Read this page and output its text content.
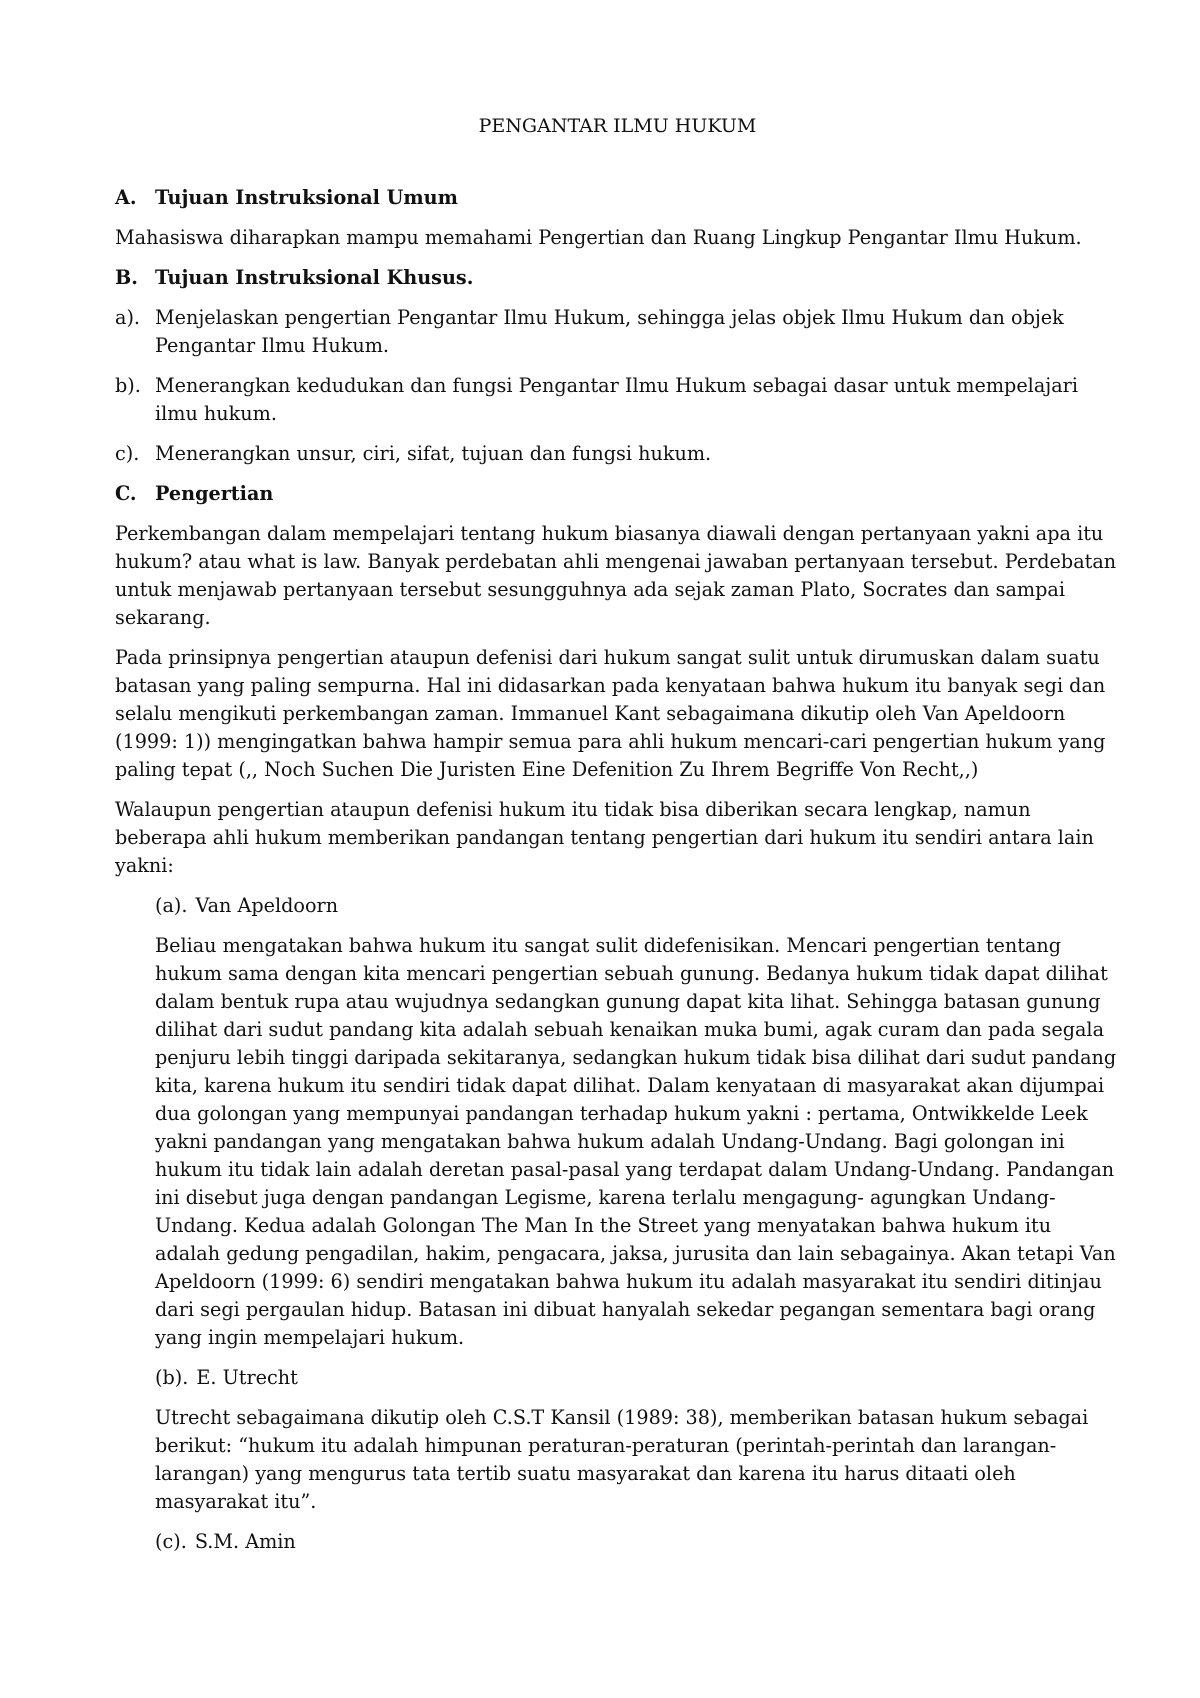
PENGANTAR ILMU HUKUM
A. Tujuan Instruksional Umum

Mahasiswa diharapkan mampu memahami Pengertian dan Ruang Lingkup Pengantar Ilmu Hukum.

B. Tujuan Instruksional Khusus.
a). Menjelaskan pengertian Pengantar Ilmu Hukum, sehingga jelas objek Ilmu Hukum dan objek Pengantar Ilmu Hukum.
b). Menerangkan kedudukan dan fungsi Pengantar Ilmu Hukum sebagai dasar untuk mempelajari ilmu hukum.
c). Menerangkan unsur, ciri, sifat, tujuan dan fungsi hukum.
C. Pengertian

Perkembangan dalam mempelajari tentang hukum biasanya diawali dengan pertanyaan yakni apa itu hukum? atau what is law. Banyak perdebatan ahli mengenai jawaban pertanyaan tersebut. Perdebatan untuk menjawab pertanyaan tersebut sesungguhnya ada sejak zaman Plato, Socrates dan sampai sekarang.

Pada prinsipnya pengertian ataupun defenisi dari hukum sangat sulit untuk dirumuskan dalam suatu batasan yang paling sempurna. Hal ini didasarkan pada kenyataan bahwa hukum itu banyak segi dan selalu mengikuti perkembangan zaman. Immanuel Kant sebagaimana dikutip oleh Van Apeldoorn (1999: 1)) mengingatkan bahwa hampir semua para ahli hukum mencari-cari pengertian hukum yang paling tepat (,, Noch Suchen Die Juristen Eine Defenition Zu Ihrem Begriffe Von Recht,,)

Walaupun pengertian ataupun defenisi hukum itu tidak bisa diberikan secara lengkap, namun beberapa ahli hukum memberikan pandangan tentang pengertian dari hukum itu sendiri antara lain yakni:

(a). Van Apeldoorn

Beliau mengatakan bahwa hukum itu sangat sulit didefenisikan. Mencari pengertian tentang hukum sama dengan kita mencari pengertian sebuah gunung. Bedanya hukum tidak dapat dilihat dalam bentuk rupa atau wujudnya sedangkan gunung dapat kita lihat. Sehingga batasan gunung dilihat dari sudut pandang kita adalah sebuah kenaikan muka bumi, agak curam dan pada segala penjuru lebih tinggi daripada sekitaranya, sedangkan hukum tidak bisa dilihat dari sudut pandang kita, karena hukum itu sendiri tidak dapat dilihat. Dalam kenyataan di masyarakat akan dijumpai dua golongan yang mempunyai pandangan terhadap hukum yakni : pertama, Ontwikkelde Leek yakni pandangan yang mengatakan bahwa hukum adalah Undang-Undang. Bagi golongan ini hukum itu tidak lain adalah deretan pasal-pasal yang terdapat dalam Undang-Undang. Pandangan ini disebut juga dengan pandangan Legisme, karena terlalu mengagung- agungkan Undang-Undang. Kedua adalah Golongan The Man In the Street yang menyatakan bahwa hukum itu adalah gedung pengadilan, hakim, pengacara, jaksa, jurusita dan lain sebagainya. Akan tetapi Van Apeldoorn (1999: 6) sendiri mengatakan bahwa hukum itu adalah masyarakat itu sendiri ditinjau dari segi pergaulan hidup. Batasan ini dibuat hanyalah sekedar pegangan sementara bagi orang yang ingin mempelajari hukum.

(b). E. Utrecht

Utrecht sebagaimana dikutip oleh C.S.T Kansil (1989: 38), memberikan batasan hukum sebagai berikut: “hukum itu adalah himpunan peraturan-peraturan (perintah-perintah dan larangan-larangan) yang mengurus tata tertib suatu masyarakat dan karena itu harus ditaati oleh masyarakat itu”.

(c). S.M. Amin
